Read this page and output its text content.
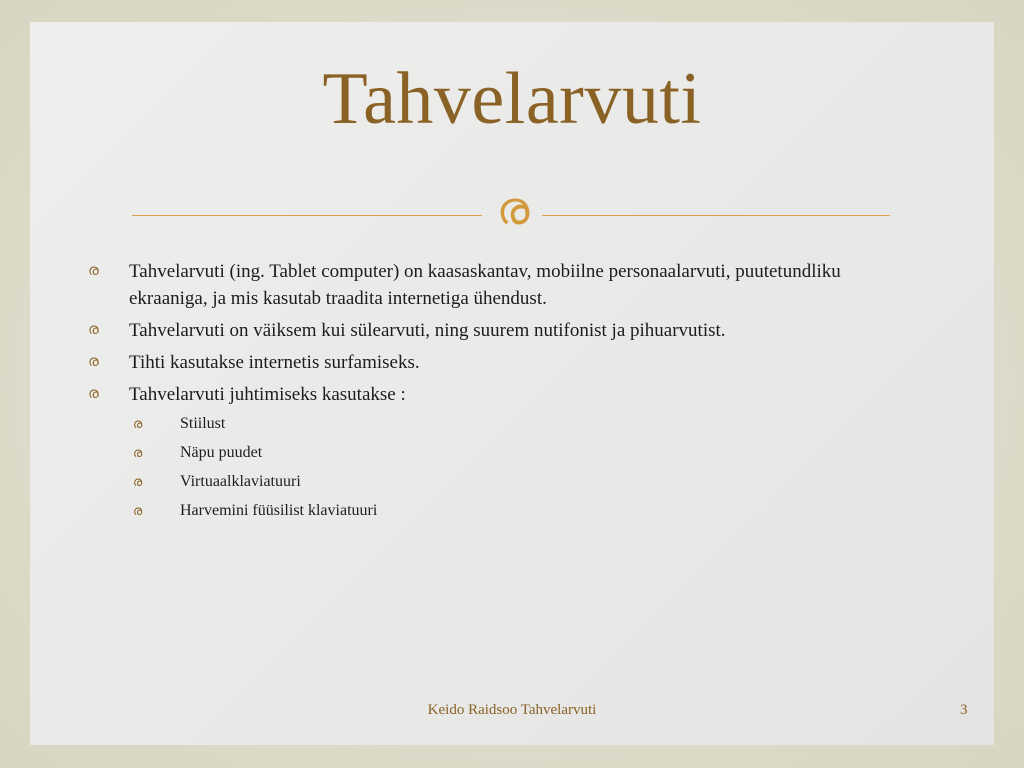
Tahvelarvuti
ര
ര Tahvelarvuti (ing. Tablet computer) on kaasaskantav, mobiilne personaalarvuti, puutetundliku ekraaniga, ja mis kasutab traadita internetiga ühendust.
ര Tahvelarvuti on väiksem kui sülearvuti, ning suurem nutifonist ja pihuarvutist.
ര Tihti kasutakse internetis surfamiseks.
ര Tahvelarvuti juhtimiseks kasutakse :
ര Stiilust
ര Näpu puudet
ര Virtuaalklaviatuuri
ര Harvemini füüsilist klaviatuuri
Keido Raidsoo Tahvelarvuti	3
